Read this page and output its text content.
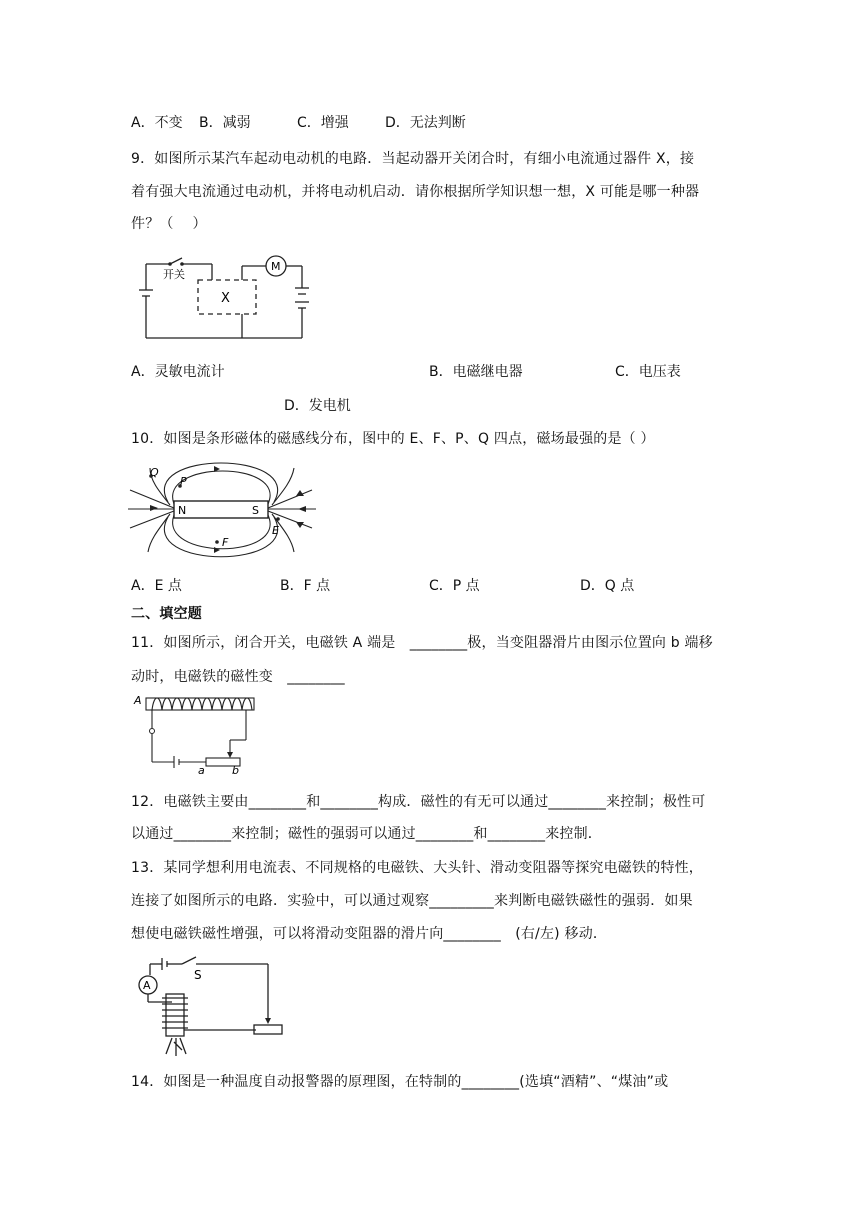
A．不变 B．减弱	C．增强	D．无法判断
9．如图所示某汽车起动电动机的电路．当起动器开关闭合时，有细小电流通过器件 X，接
着有强大电流通过电动机，并将电动机启动．请你根据所学知识想一想，X 可能是哪一种器
件？（　 ）
开关
X
M
A．灵敏电流计	B．电磁继电器	C．电压表
D．发电机
10．如图是条形磁体的磁感线分布，图中的 E、F、P、Q 四点，磁场最强的是（ ）
N	S
Q
P
E
F
A．E 点	B．F 点	C．P 点	D．Q 点
二、填空题
11．如图所示，闭合开关，电磁铁 A 端是　________极，当变阻器滑片由图示位置向 b 端移
动时，电磁铁的磁性变　________
A
a b
12．电磁铁主要由________和________构成．磁性的有无可以通过________来控制；极性可
以通过________来控制；磁性的强弱可以通过________和________来控制．
13．某同学想利用电流表、不同规格的电磁铁、大头针、滑动变阻器等探究电磁铁的特性，
连接了如图所示的电路．实验中，可以通过观察_________来判断电磁铁磁性的强弱．如果
想使电磁铁磁性增强，可以将滑动变阻器的滑片向________　(右/左) 移动．
A
S
14．如图是一种温度自动报警器的原理图，在特制的________(选填“酒精”、“煤油”或
